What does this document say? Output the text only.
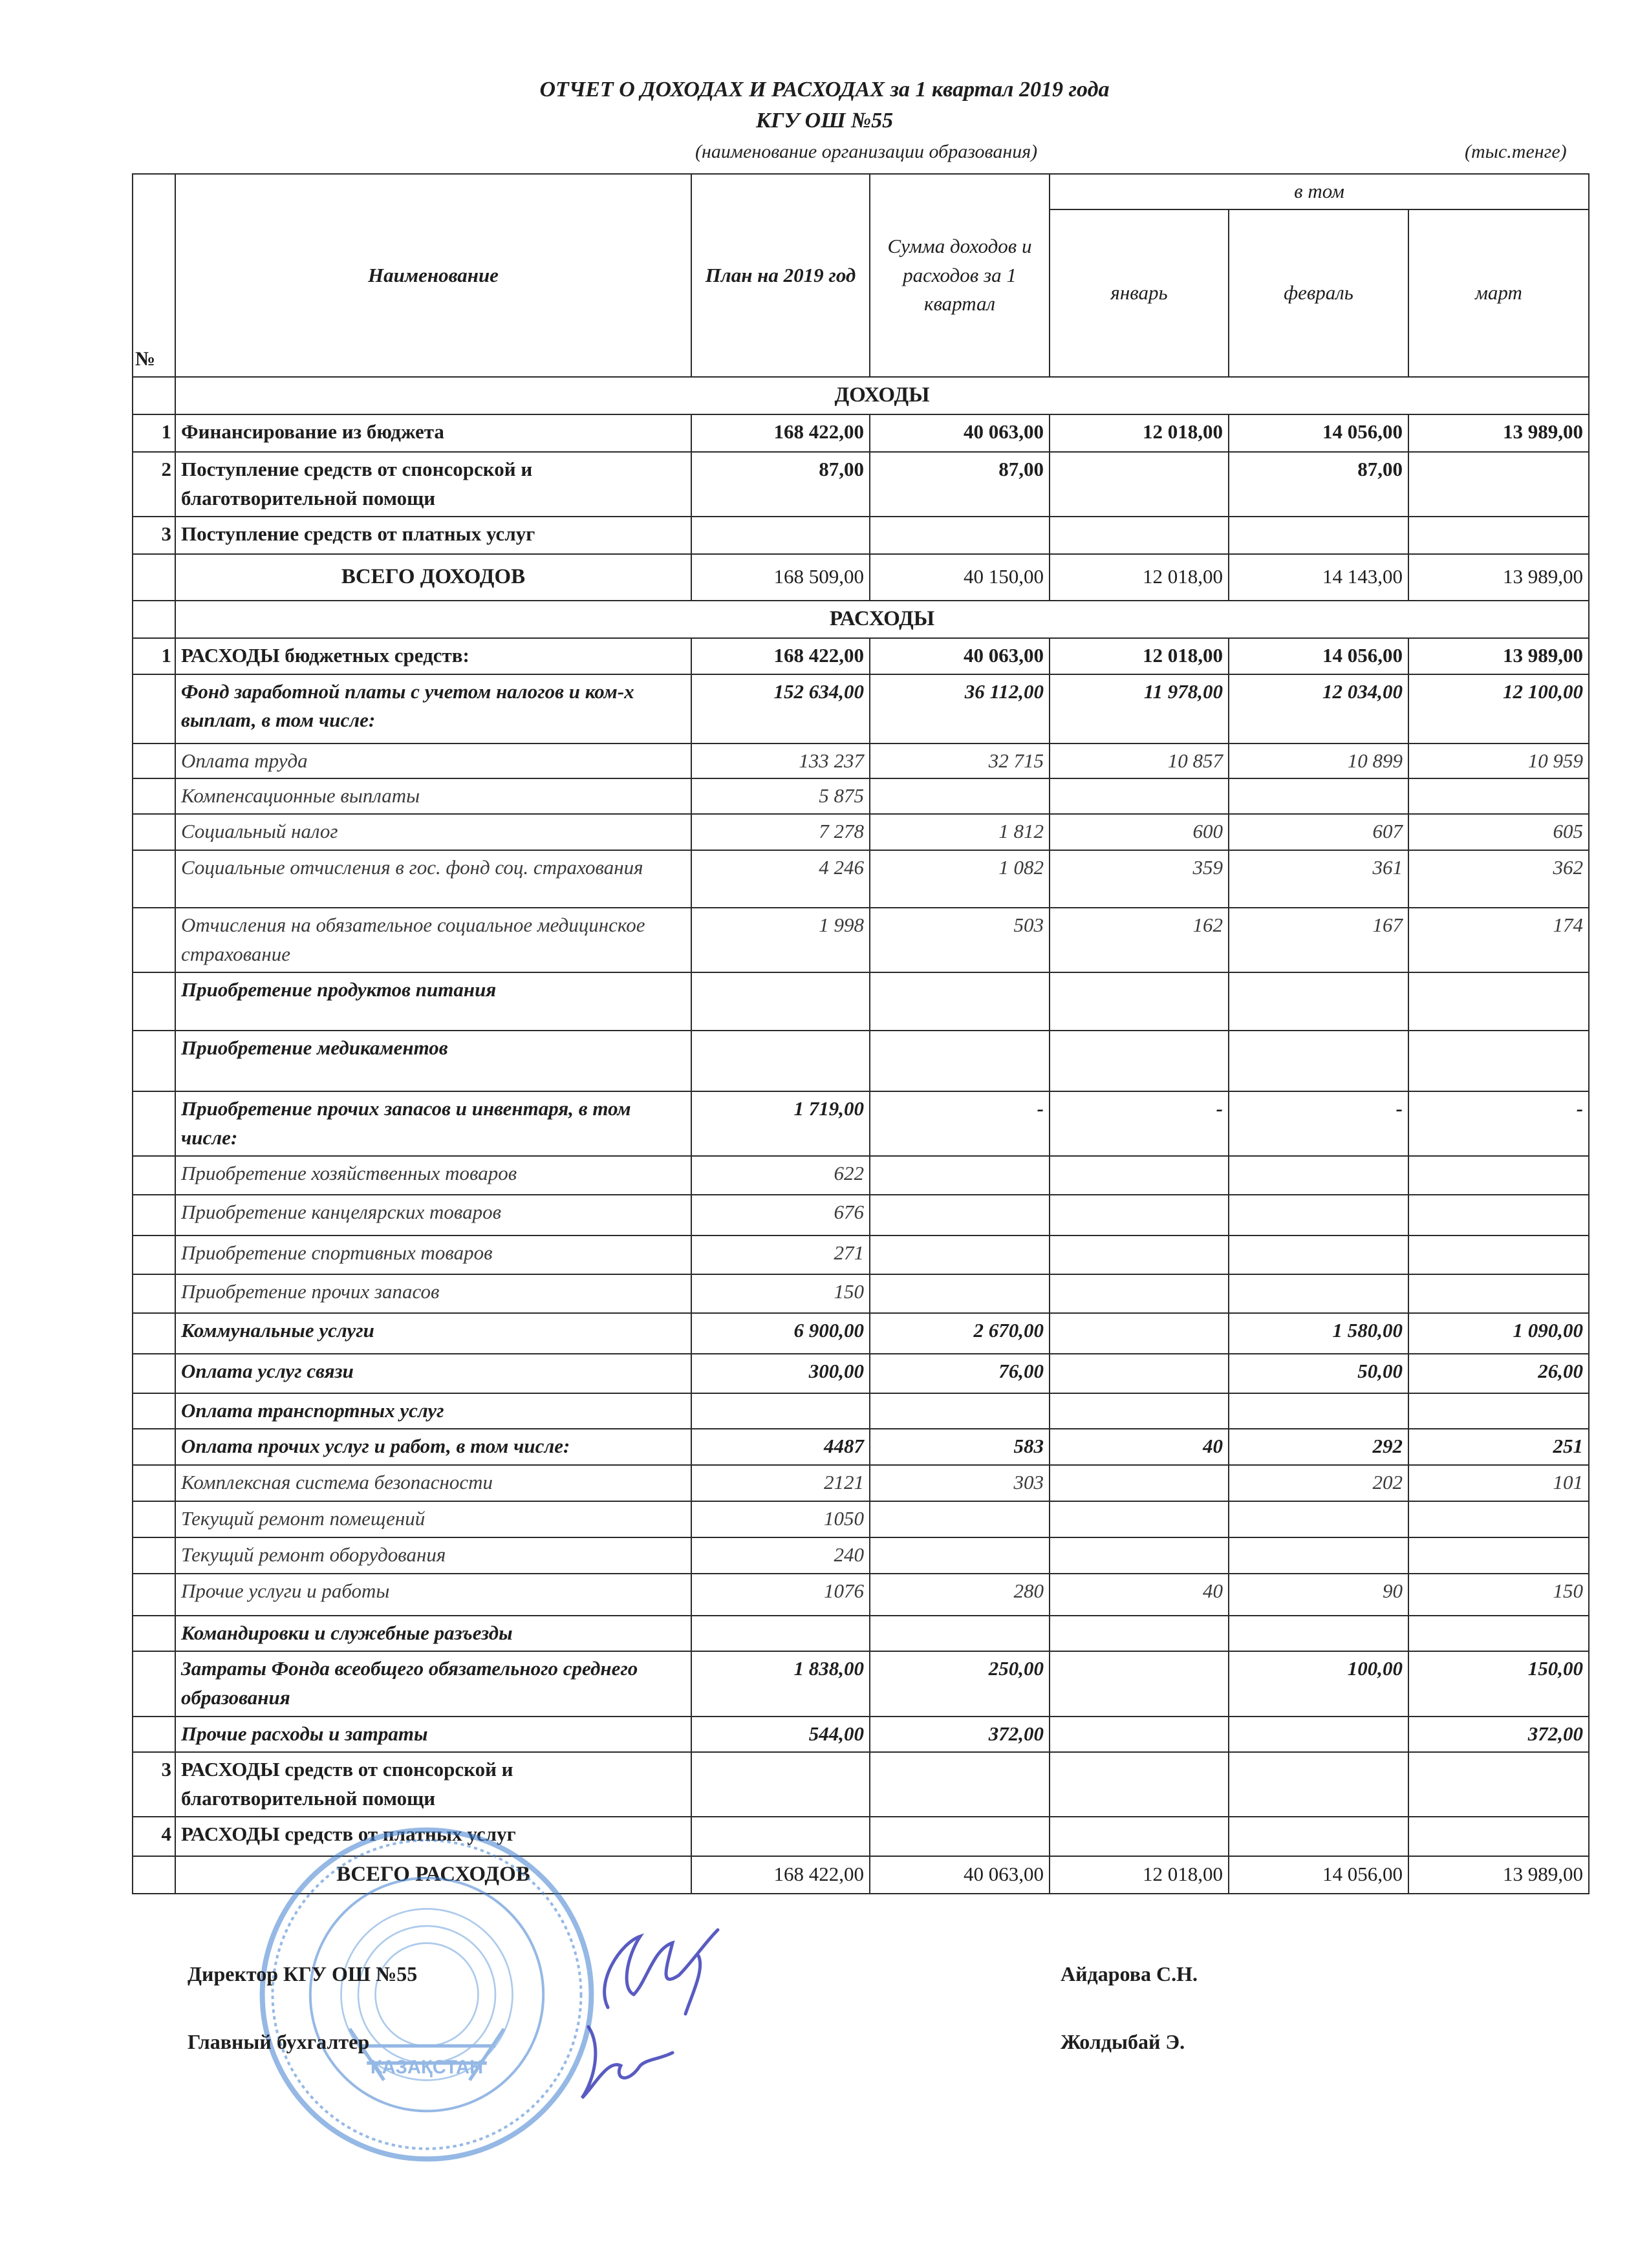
ОТЧЕТ О ДОХОДАХ И РАСХОДАХ за 1 квартал 2019 года
КГУ ОШ №55
(наименование организации образования)	(тыс.тенге)
№	Наименование	План на 2019 год	Сумма доходов и расходов за 1 квартал	в том		
				январь	февраль	март
	ДОХОДЫ					
1	Финансирование из бюджета	168 422,00	40 063,00	12 018,00	14 056,00	13 989,00
2	Поступление средств от спонсорской и благотворительной помощи	87,00	87,00		87,00	
3	Поступление средств от платных услуг					
	ВСЕГО ДОХОДОВ	168 509,00	40 150,00	12 018,00	14 143,00	13 989,00
	РАСХОДЫ					
1	РАСХОДЫ бюджетных средств:	168 422,00	40 063,00	12 018,00	14 056,00	13 989,00
	Фонд заработной платы с учетом налогов и ком-х выплат, в том числе:	152 634,00	36 112,00	11 978,00	12 034,00	12 100,00
	Оплата труда	133 237	32 715	10 857	10 899	10 959
	Компенсационные выплаты	5 875				
	Социальный налог	7 278	1 812	600	607	605
	Социальные отчисления в гос. фонд соц. страхования	4 246	1 082	359	361	362
	Отчисления на обязательное социальное медицинское страхование	1 998	503	162	167	174
	Приобретение продуктов питания					
	Приобретение медикаментов					
	Приобретение прочих запасов и инвентаря, в том числе:	1 719,00	-	-	-	-
	Приобретение хозяйственных товаров	622				
	Приобретение канцелярских товаров	676				
	Приобретение спортивных товаров	271				
	Приобретение прочих запасов	150				
	Коммунальные услуги	6 900,00	2 670,00		1 580,00	1 090,00
	Оплата услуг связи	300,00	76,00		50,00	26,00
	Оплата транспортных услуг					
	Оплата прочих услуг и работ, в том числе:	4487	583	40	292	251
	Комплексная система безопасности	2121	303		202	101
	Текущий ремонт помещений	1050				
	Текущий ремонт оборудования	240				
	Прочие услуги и работы	1076	280	40	90	150
	Командировки и служебные разъезды					
	Затраты Фонда всеобщего обязательного среднего образования	1 838,00	250,00		100,00	150,00
	Прочие расходы и затраты	544,00	372,00			372,00
3	РАСХОДЫ средств от спонсорской и благотворительной помощи					
4	РАСХОДЫ средств от платных услуг					
	ВСЕГО РАСХОДОВ	168 422,00	40 063,00	12 018,00	14 056,00	13 989,00
ҚАЗАҚСТАН
Директор КГУ ОШ №55	Айдарова С.Н.
Главный бухгалтер	Жолдыбай Э.
